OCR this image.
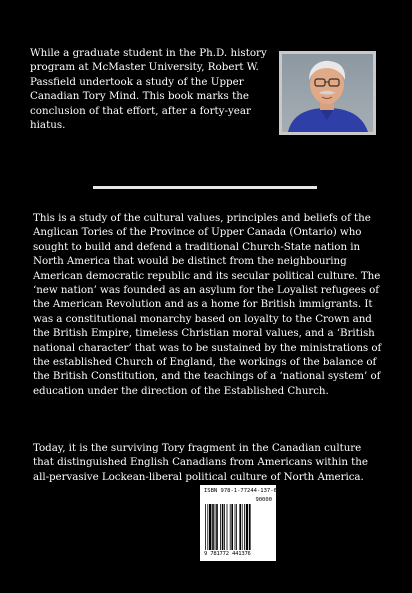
While a graduate student in the Ph.D. history program at McMaster University, Robert W. Passfield undertook a study of the Upper Canadian Tory Mind. This book marks the conclusion of that effort, after a forty-year hiatus.

This is a study of the cultural values, principles and beliefs of the Anglican Tories of the Province of Upper Canada (Ontario) who sought to build and defend a traditional Church-State nation in North America that would be distinct from the neighbouring American democratic republic and its secular political culture. The ‘new nation’ was founded as an asylum for the Loyalist refugees of the American Revolution and as a home for British immigrants. It was a constitutional monarchy based on loyalty to the Crown and the British Empire, timeless Christian moral values, and a ‘British national character’ that was to be sustained by the ministrations of the established Church of England, the workings of the balance of the British Constitution, and the teachings of a ‘national system’ of education under the direction of the Established Church.

Today, it is the surviving Tory fragment in the Canadian culture that distinguished English Canadians from Americans within the all-pervasive Lockean-liberal political culture of North America.

ISBN 978-1-77244-137-6
90000
9 781772 441376
